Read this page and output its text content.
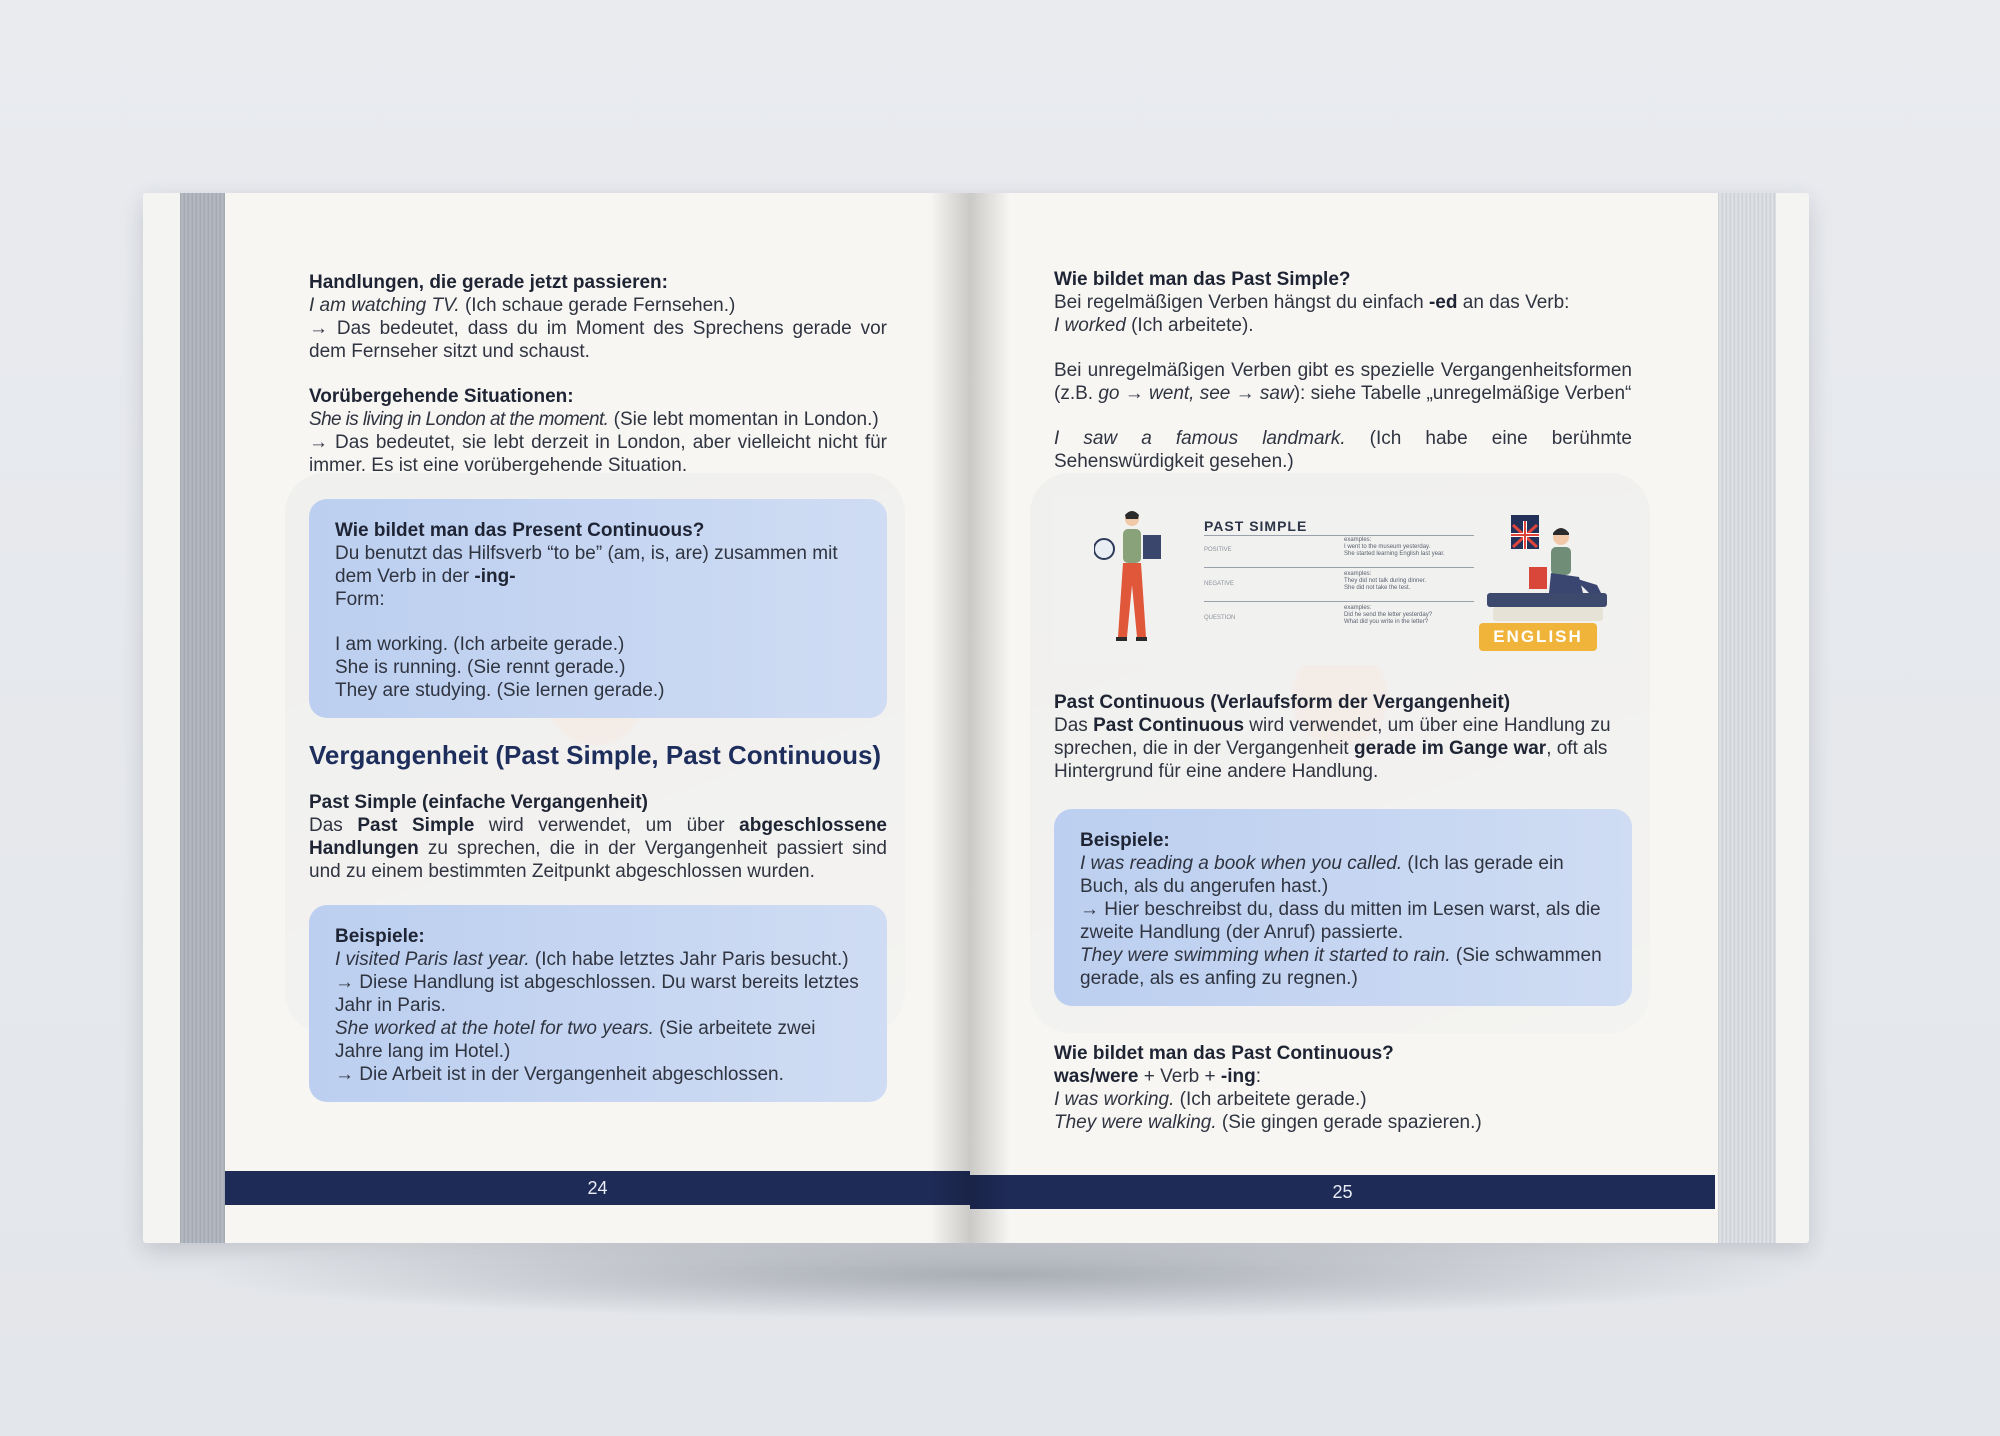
Handlungen, die gerade jetzt passieren:

I am watching TV. (Ich schaue gerade Fernsehen.)

→ Das bedeutet, dass du im Moment des Sprechens gerade vor dem Fernseher sitzt und schaust.

Vorübergehende Situationen:

She is living in London at the moment. (Sie lebt momentan in London.)

→ Das bedeutet, sie lebt derzeit in London, aber vielleicht nicht für immer. Es ist eine vorübergehende Situation.

Wie bildet man das Present Continuous?

Du benutzt das Hilfsverb “to be” (am, is, are) zusammen mit dem Verb in der -ing-

Form:

I am working. (Ich arbeite gerade.)

She is running. (Sie rennt gerade.)

They are studying. (Sie lernen gerade.)

Vergangenheit (Past Simple, Past Continuous)

Past Simple (einfache Vergangenheit)

Das Past Simple wird verwendet, um über abgeschlossene Handlungen zu sprechen, die in der Vergangenheit passiert sind und zu einem bestimmten Zeitpunkt abgeschlossen wurden.

Beispiele:

I visited Paris last year. (Ich habe letztes Jahr Paris besucht.)

→ Diese Handlung ist abgeschlossen. Du warst bereits letztes Jahr in Paris.

She worked at the hotel for two years. (Sie arbeitete zwei Jahre lang im Hotel.)

→ Die Arbeit ist in der Vergangenheit abgeschlossen.

24

Wie bildet man das Past Simple?

Bei regelmäßigen Verben hängst du einfach -ed an das Verb:

I worked (Ich arbeitete).

Bei unregelmäßigen Verben gibt es spezielle Vergangenheitsformen (z.B. go → went, see → saw): siehe Tabelle „unregelmäßige Verben“

I saw a famous landmark. (Ich habe eine berühmte Sehenswürdigkeit gesehen.)

PAST SIMPLE
POSITIVE
examples:
I went to the museum yesterday.
She started learning English last year.
NEGATIVE
examples:
They did not talk during dinner.
She did not take the test.
QUESTION
examples:
Did he send the letter yesterday?
What did you write in the letter?
ENGLISH

Past Continuous (Verlaufsform der Vergangenheit)

Das Past Continuous wird verwendet, um über eine Handlung zu sprechen, die in der Vergangenheit gerade im Gange war, oft als Hintergrund für eine andere Handlung.

Beispiele:

I was reading a book when you called. (Ich las gerade ein Buch, als du angerufen hast.)

→ Hier beschreibst du, dass du mitten im Lesen warst, als die zweite Handlung (der Anruf) passierte.

They were swimming when it started to rain. (Sie schwammen gerade, als es anfing zu regnen.)

Wie bildet man das Past Continuous?

was/were + Verb + -ing:

I was working. (Ich arbeitete gerade.)

They were walking. (Sie gingen gerade spazieren.)

25
